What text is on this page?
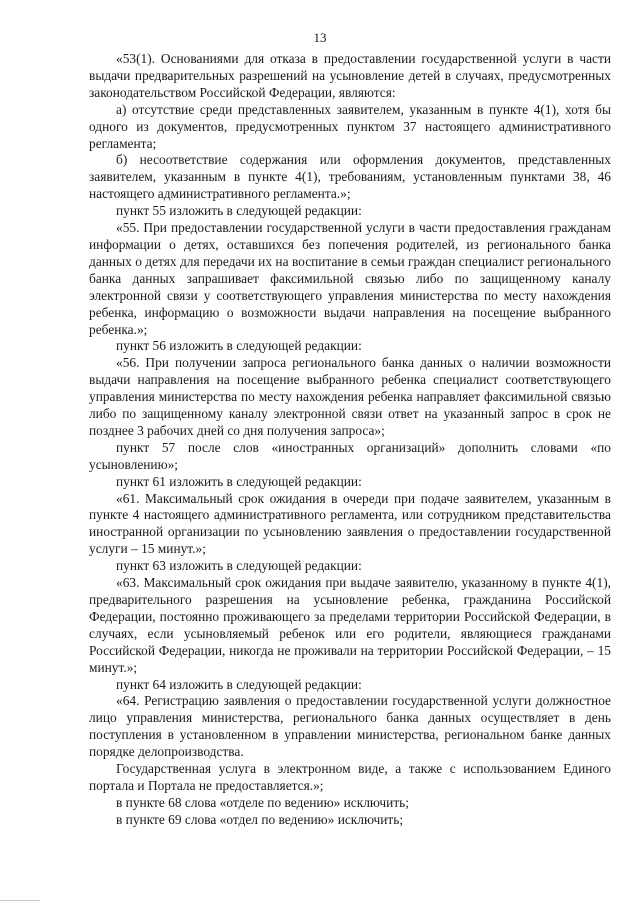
13

«53(1). Основаниями для отказа в предоставлении государственной услуги в части выдачи предварительных разрешений на усыновление детей в случаях, предусмотренных законодательством Российской Федерации, являются:

а) отсутствие среди представленных заявителем, указанным в пункте 4(1), хотя бы одного из документов, предусмотренных пунктом 37 настоящего административного регламента;

б) несоответствие содержания или оформления документов, представленных заявителем, указанным в пункте 4(1), требованиям, установленным пунктами 38, 46 настоящего административного регламента.»;

пункт 55 изложить в следующей редакции:

«55. При предоставлении государственной услуги в части предоставления гражданам информации о детях, оставшихся без попечения родителей, из регионального банка данных о детях для передачи их на воспитание в семьи граждан специалист регионального банка данных запрашивает факсимильной связью либо по защищенному каналу электронной связи у соответствующего управления министерства по месту нахождения ребенка, информацию о возможности выдачи направления на посещение выбранного ребенка.»;

пункт 56 изложить в следующей редакции:

«56. При получении запроса регионального банка данных о наличии возможности выдачи направления на посещение выбранного ребенка специалист соответствующего управления министерства по месту нахождения ребенка направляет факсимильной связью либо по защищенному каналу электронной связи ответ на указанный запрос в срок не позднее 3 рабочих дней со дня получения запроса»;

пункт 57 после слов «иностранных организаций» дополнить словами «по усыновлению»;

пункт 61 изложить в следующей редакции:

«61. Максимальный срок ожидания в очереди при подаче заявителем, указанным в пункте 4 настоящего административного регламента, или сотрудником представительства иностранной организации по усыновлению заявления о предоставлении государственной услуги – 15 минут.»;

пункт 63 изложить в следующей редакции:

«63. Максимальный срок ожидания при выдаче заявителю, указанному в пункте 4(1), предварительного разрешения на усыновление ребенка, гражданина Российской Федерации, постоянно проживающего за пределами территории Российской Федерации, в случаях, если усыновляемый ребенок или его родители, являющиеся гражданами Российской Федерации, никогда не проживали на территории Российской Федерации, – 15 минут.»;

пункт 64 изложить в следующей редакции:

«64. Регистрацию заявления о предоставлении государственной услуги должностное лицо управления министерства, регионального банка данных осуществляет в день поступления в установленном в управлении министерства, региональном банке данных порядке делопроизводства.

Государственная услуга в электронном виде, а также с использованием Единого портала и Портала не предоставляется.»;

в пункте 68 слова «отделе по ведению» исключить;

в пункте 69 слова «отдел по ведению» исключить;
